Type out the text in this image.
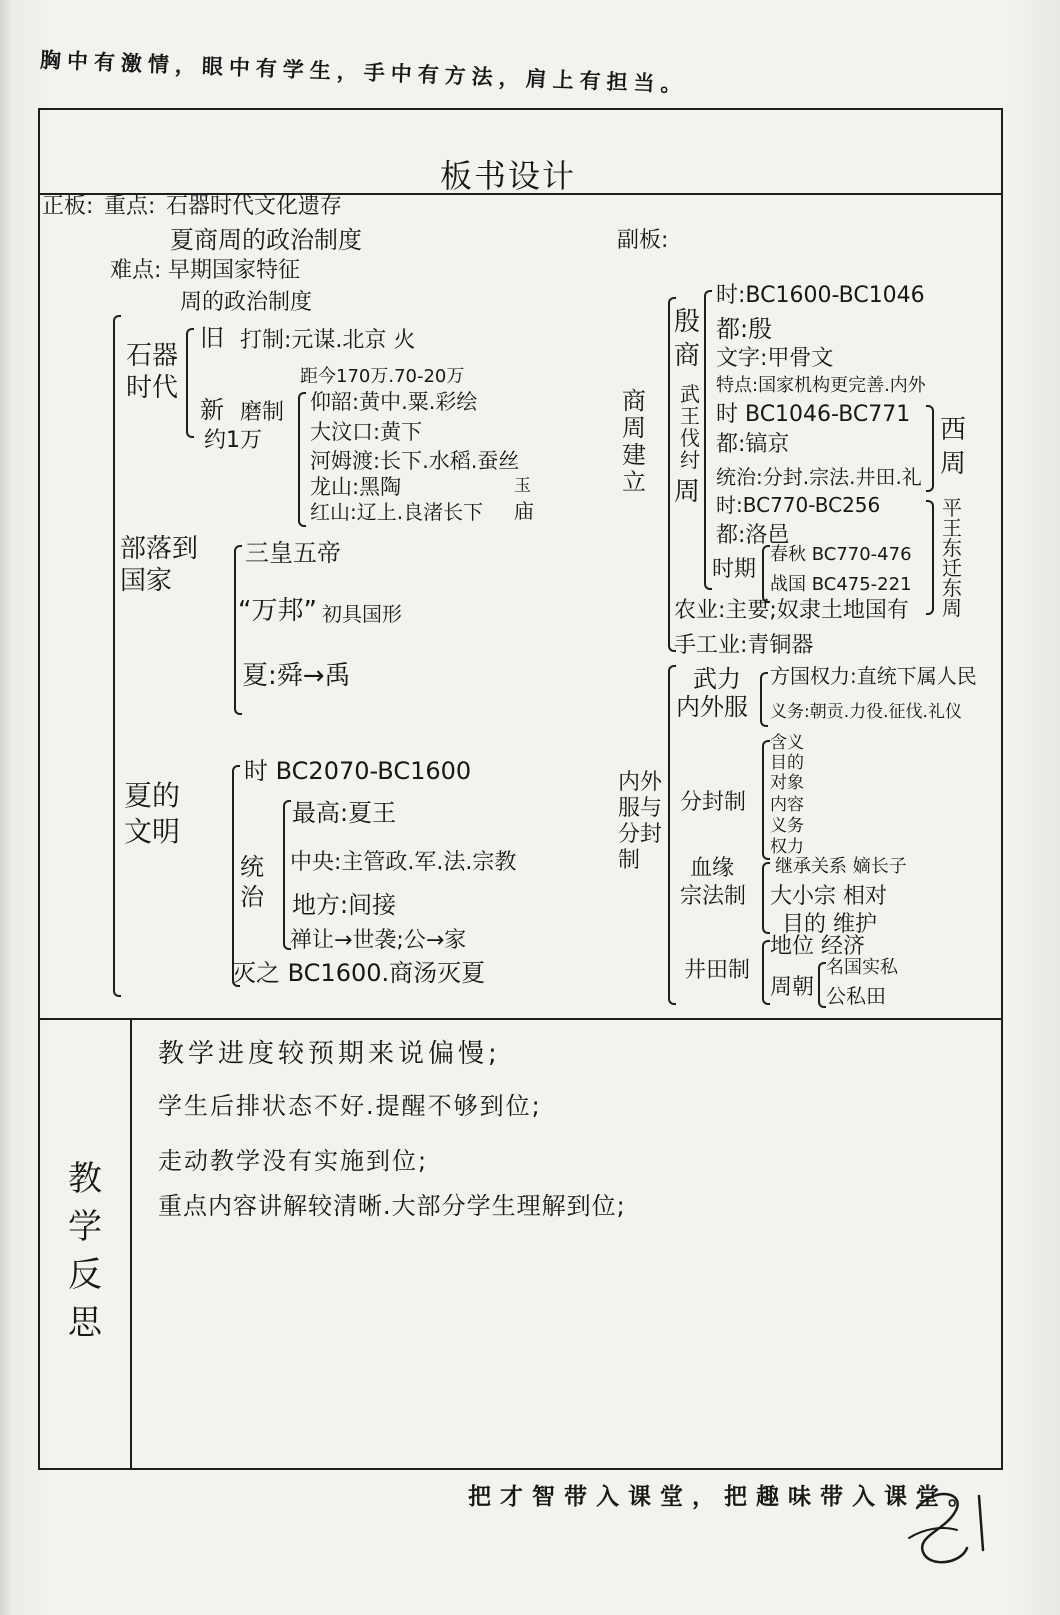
胸中有激情，眼中有学生，手中有方法，肩上有担当。
板书设计
正板: 重点: 石器时代文化遗存
夏商周的政治制度
难点: 早期国家特征
周的政治制度
副板:
石器时代
旧 打制:元谋.北京 火
距今170万.70-20万
新 磨制
约1万
仰韶:黄中.粟.彩绘
大汶口:黄下
河姆渡:长下.水稻.蚕丝
龙山:黑陶
红山:辽上.良渚长下
玉
庙
部落到国家
三皇五帝
“万邦” 初具国形
夏:舜→禹
夏的文明
时 BC2070-BC1600
统治
最高:夏王
中央:主管政.军.法.宗教
地方:间接
禅让→世袭;公→家
灭之 BC1600.商汤灭夏
商周建立
殷商
武王伐纣
周
时:BC1600-BC1046
都:殷
文字:甲骨文
特点:国家机构更完善.内外
时 BC1046-BC771
都:镐京
统治:分封.宗法.井田.礼
西周
时:BC770-BC256
都:洛邑
时期
春秋 BC770-476
战国 BC475-221
平王东迁东周
农业:主要;奴隶土地国有
手工业:青铜器
内外服与分封制
武力
内外服
方国权力:直统下属人民
义务:朝贡.力役.征伐.礼仪
分封制
含义
目的
对象
内容
义务
权力
血缘
宗法制
继承关系 嫡长子
大小宗 相对
目的 维护
井田制
地位 经济
周朝
名国实私
公私田
教学反思
教学进度较预期来说偏慢;
学生后排状态不好.提醒不够到位;
走动教学没有实施到位;
重点内容讲解较清晰.大部分学生理解到位;
把才智带入课堂，把趣味带入课堂。
